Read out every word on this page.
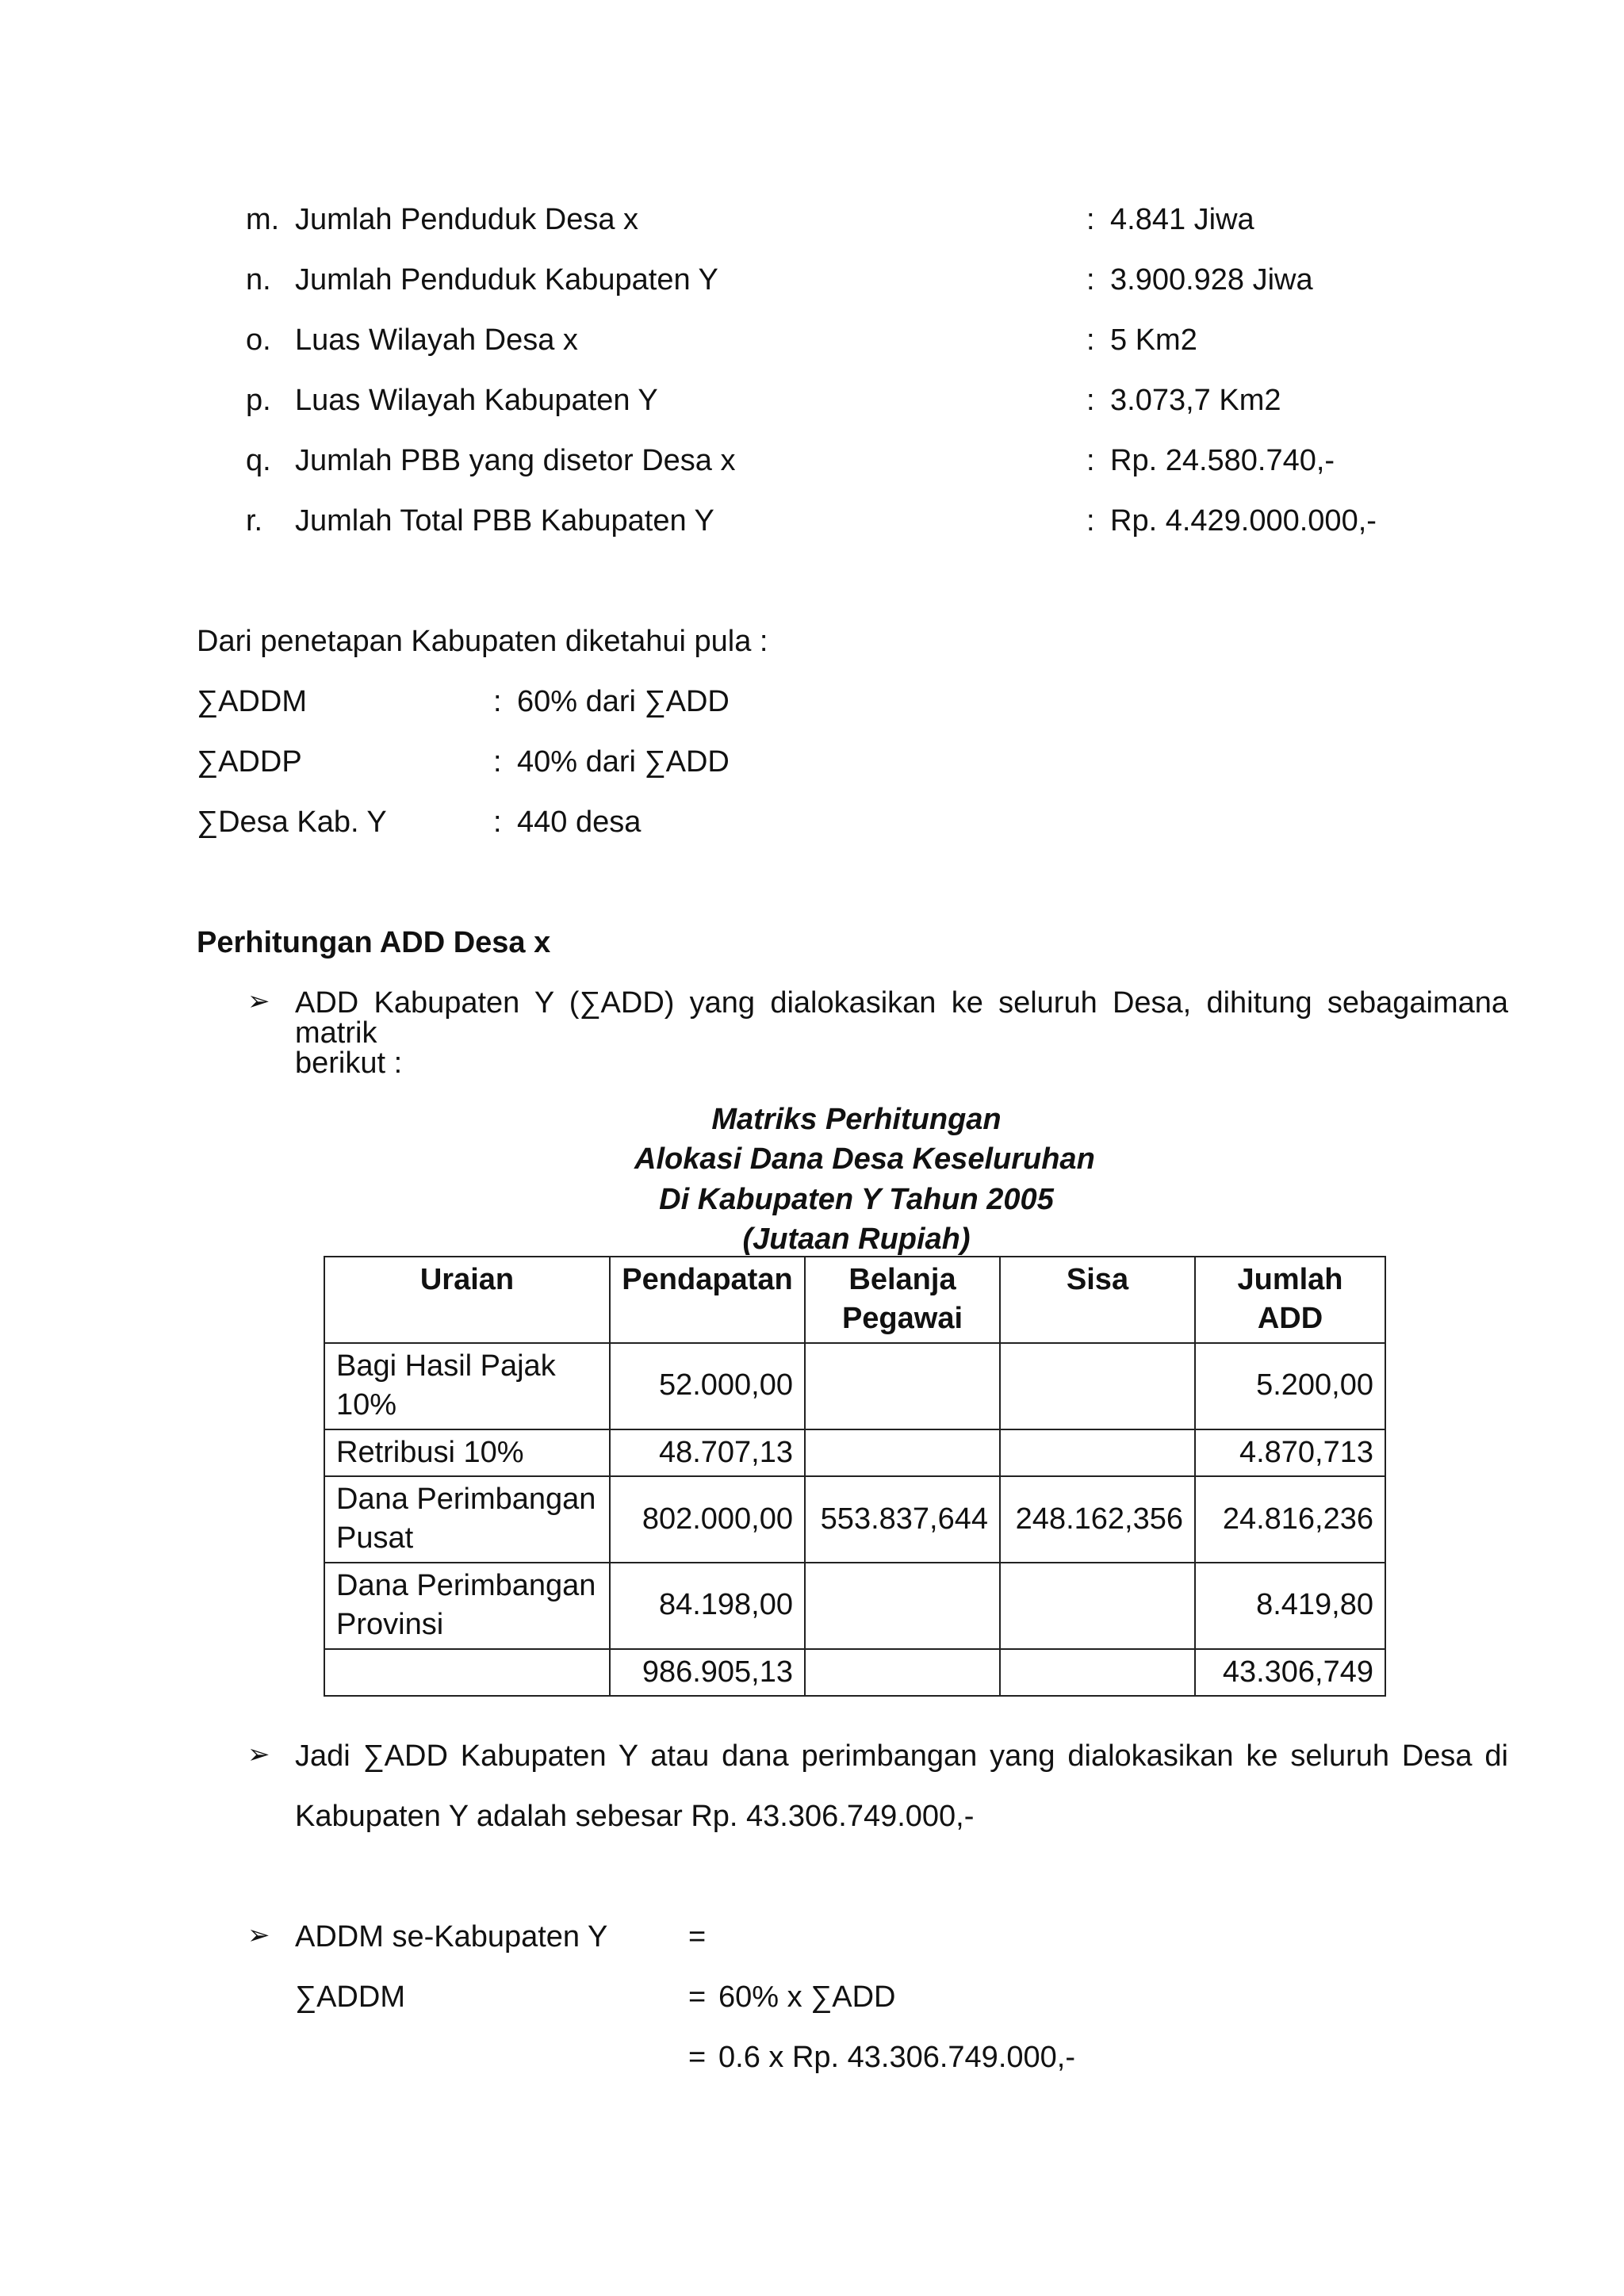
m. Jumlah Penduduk Desa x	: 4.841 Jiwa
n. Jumlah Penduduk Kabupaten Y	: 3.900.928 Jiwa
o. Luas Wilayah Desa x	: 5 Km2
p. Luas Wilayah Kabupaten Y	: 3.073,7 Km2
q. Jumlah PBB yang disetor Desa x	: Rp. 24.580.740,-
r. Jumlah Total PBB Kabupaten Y	: Rp. 4.429.000.000,-
Dari penetapan Kabupaten diketahui pula :
∑ADDM	: 60% dari ∑ADD
∑ADDP	: 40% dari ∑ADD
∑Desa Kab. Y	: 440 desa
Perhitungan ADD Desa x
➢ ADD Kabupaten Y (∑ADD) yang dialokasikan ke seluruh Desa, dihitung sebagaimana matrik
berikut :
Matriks Perhitungan
Alokasi Dana Desa Keseluruhan
Di Kabupaten Y Tahun 2005
(Jutaan Rupiah)
Uraian	Pendapatan	Belanja Pegawai	Sisa	Jumlah ADD
Bagi Hasil Pajak 10%	52.000,00			5.200,00
Retribusi 10%	48.707,13			4.870,713
Dana Perimbangan Pusat	802.000,00	553.837,644	248.162,356	24.816,236
Dana Perimbangan Provinsi	84.198,00			8.419,80
	986.905,13			43.306,749
➢ Jadi ∑ADD Kabupaten Y atau dana perimbangan yang dialokasikan ke seluruh Desa di
Kabupaten Y adalah sebesar Rp. 43.306.749.000,-
➢ ADDM se-Kabupaten Y	=
∑ADDM	= 60% x ∑ADD
= 0.6 x Rp. 43.306.749.000,-
